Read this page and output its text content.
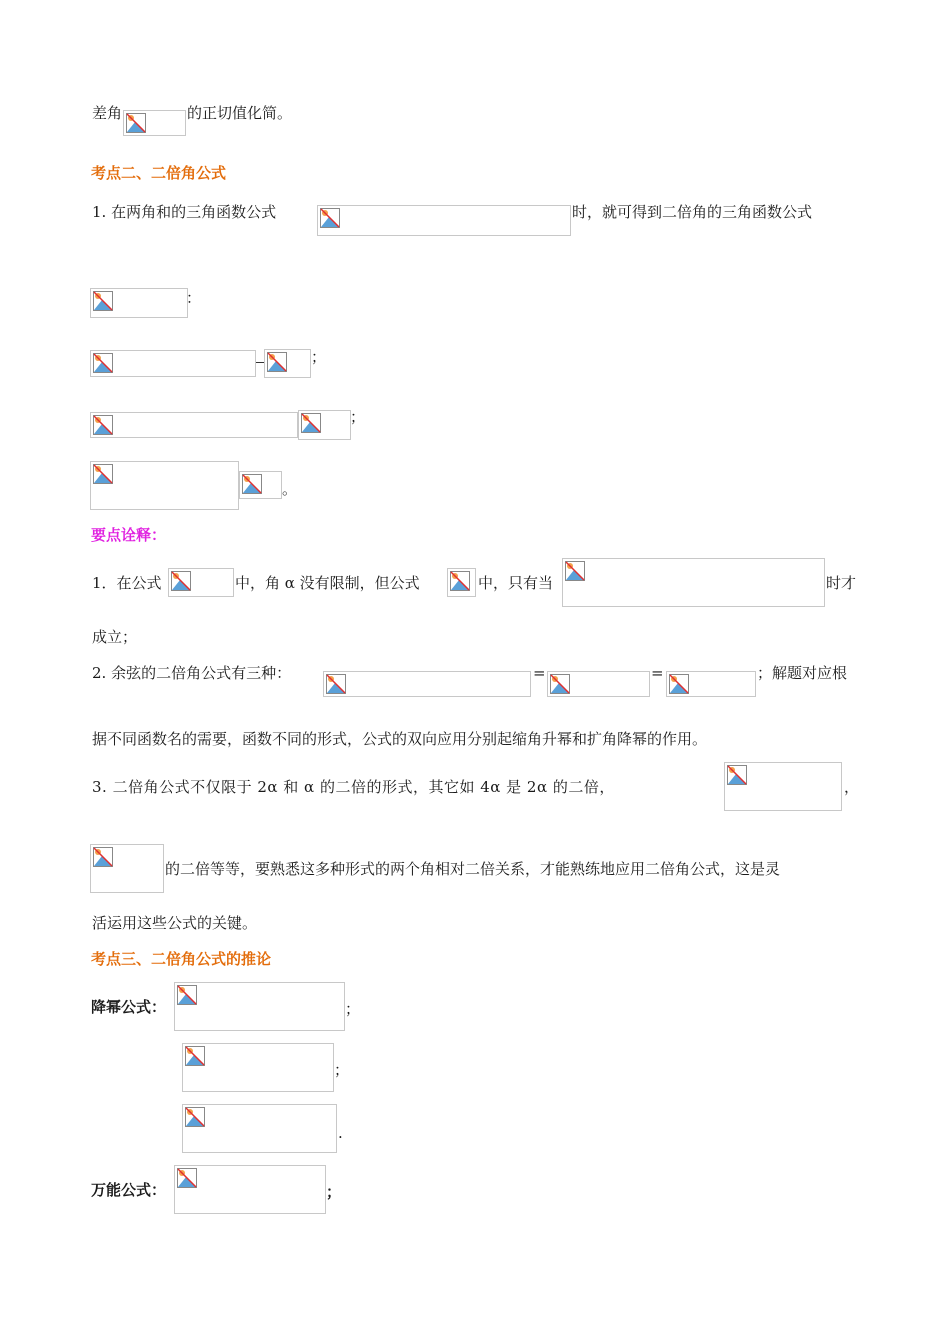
差角	的正切值化简。
考点二、二倍角公式
1. 在两角和的三角函数公式	时，就可得到二倍角的三角函数公式
：
；
；
。
要点诠释：
1．在公式	中，角 α 没有限制，但公式	中，只有当	时才
成立；
2. 余弦的二倍角公式有三种：	=	=	；解题对应根
据不同函数名的需要，函数不同的形式，公式的双向应用分别起缩角升幂和扩角降幂的作用。
3. 二倍角公式不仅限于 2α 和 α 的二倍的形式，其它如 4α 是 2α 的二倍，	，
的二倍等等，要熟悉这多种形式的两个角相对二倍关系，才能熟练地应用二倍角公式，这是灵
活运用这些公式的关键。
考点三、二倍角公式的推论
降幂公式：	；
；
.
万能公式：	；
